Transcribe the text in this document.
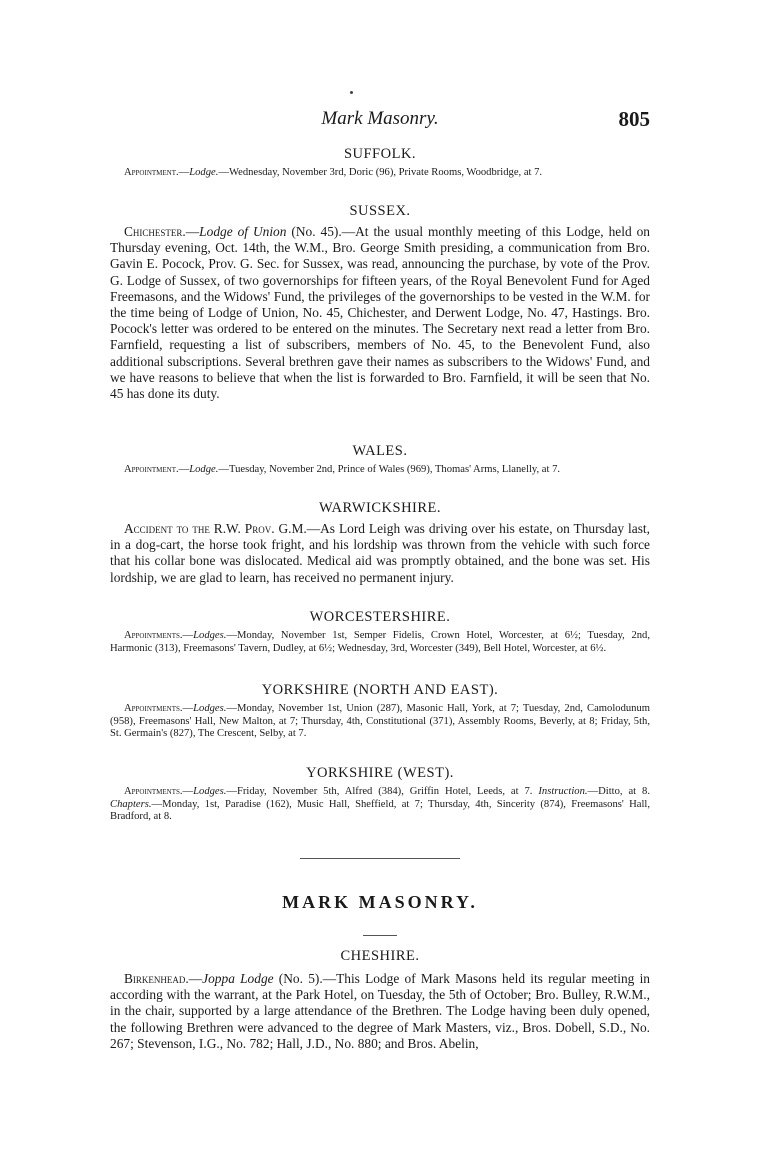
Mark Masonry.	805

SUFFOLK.

Appointment.—Lodge.—Wednesday, November 3rd, Doric (96), Private Rooms, Woodbridge, at 7.

SUSSEX.

Chichester.—Lodge of Union (No. 45).—At the usual monthly meeting of this Lodge, held on Thursday evening, Oct. 14th, the W.M., Bro. George Smith presiding, a communication from Bro. Gavin E. Pocock, Prov. G. Sec. for Sussex, was read, announcing the purchase, by vote of the Prov. G. Lodge of Sussex, of two governorships for fifteen years, of the Royal Benevolent Fund for Aged Freemasons, and the Widows' Fund, the privileges of the governorships to be vested in the W.M. for the time being of Lodge of Union, No. 45, Chichester, and Derwent Lodge, No. 47, Hastings. Bro. Pocock's letter was ordered to be entered on the minutes. The Secretary next read a letter from Bro. Farnfield, requesting a list of subscribers, members of No. 45, to the Benevolent Fund, also additional subscriptions. Several brethren gave their names as subscribers to the Widows' Fund, and we have reasons to believe that when the list is forwarded to Bro. Farnfield, it will be seen that No. 45 has done its duty.

WALES.

Appointment.—Lodge.—Tuesday, November 2nd, Prince of Wales (969), Thomas' Arms, Llanelly, at 7.

WARWICKSHIRE.

Accident to the R.W. Prov. G.M.—As Lord Leigh was driving over his estate, on Thursday last, in a dog-cart, the horse took fright, and his lordship was thrown from the vehicle with such force that his collar bone was dislocated. Medical aid was promptly obtained, and the bone was set. His lordship, we are glad to learn, has received no permanent injury.

WORCESTERSHIRE.

Appointments.—Lodges.—Monday, November 1st, Semper Fidelis, Crown Hotel, Worcester, at 6½; Tuesday, 2nd, Harmonic (313), Freemasons' Tavern, Dudley, at 6½; Wednesday, 3rd, Worcester (349), Bell Hotel, Worcester, at 6½.

YORKSHIRE (NORTH AND EAST).

Appointments.—Lodges.—Monday, November 1st, Union (287), Masonic Hall, York, at 7; Tuesday, 2nd, Camolodunum (958), Freemasons' Hall, New Malton, at 7; Thursday, 4th, Constitutional (371), Assembly Rooms, Beverly, at 8; Friday, 5th, St. Germain's (827), The Crescent, Selby, at 7.

YORKSHIRE (WEST).

Appointments.—Lodges.—Friday, November 5th, Alfred (384), Griffin Hotel, Leeds, at 7. Instruction.—Ditto, at 8. Chapters.—Monday, 1st, Paradise (162), Music Hall, Sheffield, at 7; Thursday, 4th, Sincerity (874), Freemasons' Hall, Bradford, at 8.

MARK MASONRY.

CHESHIRE.

Birkenhead.—Joppa Lodge (No. 5).—This Lodge of Mark Masons held its regular meeting in according with the warrant, at the Park Hotel, on Tuesday, the 5th of October; Bro. Bulley, R.W.M., in the chair, supported by a large attendance of the Brethren. The Lodge having been duly opened, the following Brethren were advanced to the degree of Mark Masters, viz., Bros. Dobell, S.D., No. 267; Stevenson, I.G., No. 782; Hall, J.D., No. 880; and Bros. Abelin,
